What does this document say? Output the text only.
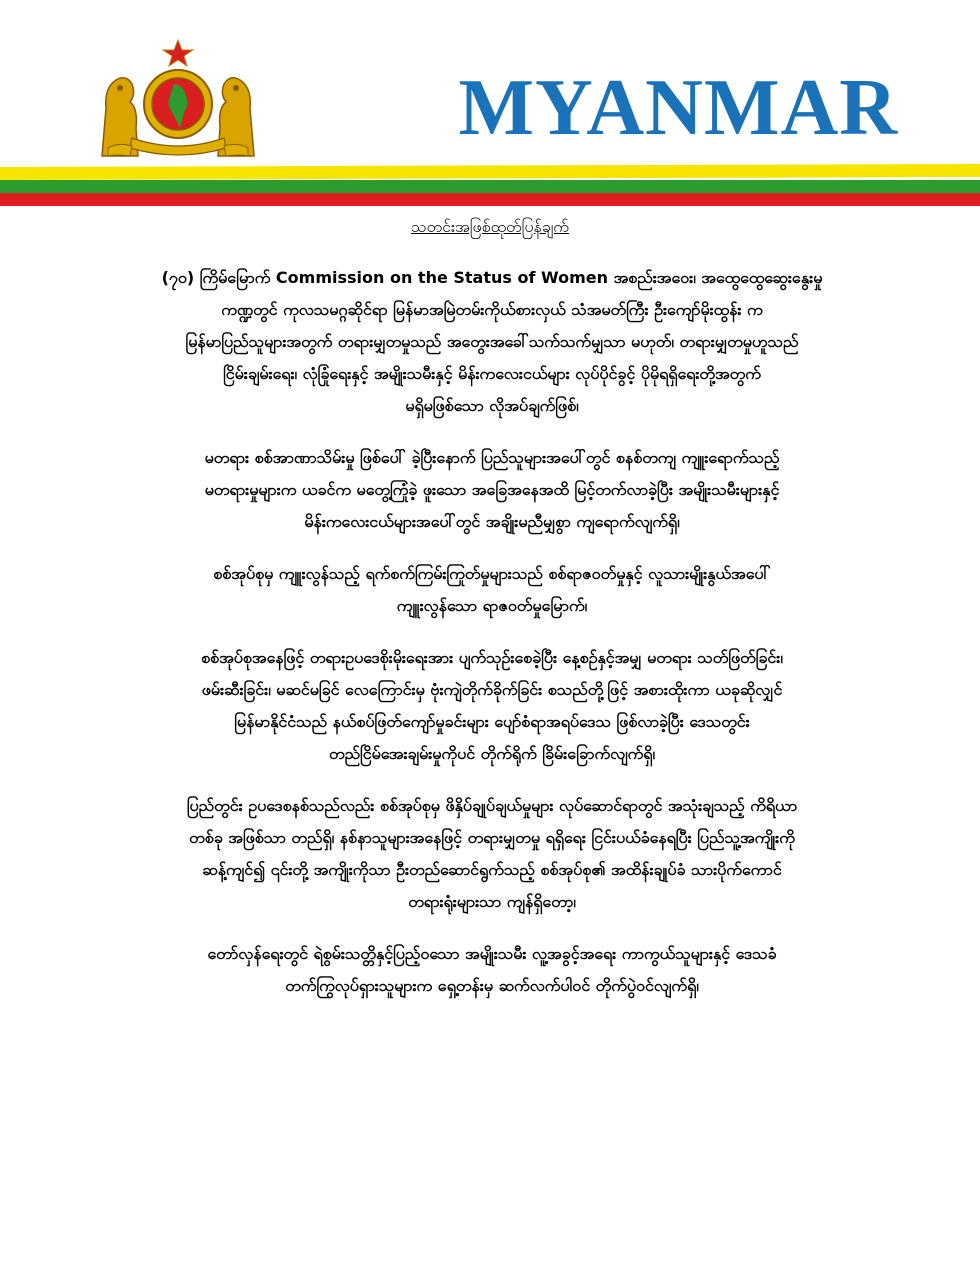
MYANMAR
သတင်းအဖြစ်ထုတ်ပြန်ချက်

(၇၀) ကြိမ်မြောက် Commission on the Status of Women အစည်းအဝေး၊ အထွေထွေဆွေးနွေးမှု
ကဏ္ဍတွင် ကုလသမဂ္ဂဆိုင်ရာ မြန်မာအမြဲတမ်းကိုယ်စားလှယ် သံအမတ်ကြီး ဦးကျော်မိုးထွန်း က
မြန်မာပြည်သူများအတွက် တရားမျှတမှုသည် အတွေးအခေါ်သက်သက်မျှသာ မဟုတ်၊ တရားမျှတမှုဟူသည်
ငြိမ်းချမ်းရေး၊ လုံခြုံရေးနှင့် အမျိုးသမီးနှင့် မိန်းကလေးငယ်များ လုပ်ပိုင်ခွင့် ပိုမိုရရှိရေးတို့အတွက်
မရှိမဖြစ်သော လိုအပ်ချက်ဖြစ်၊

မတရား စစ်အာဏာသိမ်းမှု ဖြစ်ပေါ် ခဲ့ပြီးနောက် ပြည်သူများအပေါ်တွင် စနစ်တကျ ကျူးရောက်သည့်
မတရားမှုများက ယခင်က မတွေ့ကြုံခဲ့ ဖူးသော အခြေအနေအထိ မြင့်တက်လာခဲ့ပြီး အမျိုးသမီးများနှင့်
မိန်းကလေးငယ်များအပေါ်တွင် အချိုးမညီမျှစွာ ကျရောက်လျက်ရှိ၊

စစ်အုပ်စုမှ ကျူးလွန်သည့် ရက်စက်ကြမ်းကြုတ်မှုများသည် စစ်ရာဇဝတ်မှုနှင့် လူသားမျိုးနွယ်အပေါ်
ကျူးလွန်သော ရာဇဝတ်မှုမြောက်၊

စစ်အုပ်စုအနေဖြင့် တရားဥပဒေစိုးမိုးရေးအား ပျက်သုဉ်းစေခဲ့ပြီး နေ့စဉ်နှင့်အမျှ မတရား သတ်ဖြတ်ခြင်း၊
ဖမ်းဆီးခြင်း၊ မဆင်မခြင် လေကြောင်းမှ ဗုံးကျဲတိုက်ခိုက်ခြင်း စသည်တို့ဖြင့် အစားထိုးကာ ယခုဆိုလျှင်
မြန်မာနိုင်ငံသည် နယ်စပ်ဖြတ်ကျော်မှုခင်းများ ပျော်စံရာအရပ်ဒေသ ဖြစ်လာခဲ့ပြီး ဒေသတွင်း
တည်ငြိမ်အေးချမ်းမှုကိုပင် တိုက်ရိုက် ခြိမ်းခြောက်လျက်ရှိ၊

ပြည်တွင်း ဥပဒေစနစ်သည်လည်း စစ်အုပ်စုမှ ဖိနှိပ်ချုပ်ချယ်မှုများ လုပ်ဆောင်ရာတွင် အသုံးချသည့် ကိရိယာ
တစ်ခု အဖြစ်သာ တည်ရှိ၊ နစ်နာသူများအနေဖြင့် တရားမျှတမှု ရရှိရေး ငြင်းပယ်ခံနေရပြီး ပြည်သူ့အကျိုးကို
ဆန့်ကျင်၍ ၎င်းတို့ အကျိုးကိုသာ ဦးတည်ဆောင်ရွက်သည့် စစ်အုပ်စု၏ အထိန်းချုပ်ခံ သားပိုက်ကောင်
တရားရုံးများသာ ကျန်ရှိတော့၊

တော်လှန်ရေးတွင် ရဲစွမ်းသတ္တိနှင့်ပြည့်ဝသော အမျိုးသမီး လူ့အခွင့်အရေး ကာကွယ်သူများနှင့် ဒေသခံ
တက်ကြွလုပ်ရှားသူများက ရှေ့တန်းမှ ဆက်လက်ပါဝင် တိုက်ပွဲဝင်လျက်ရှိ၊
